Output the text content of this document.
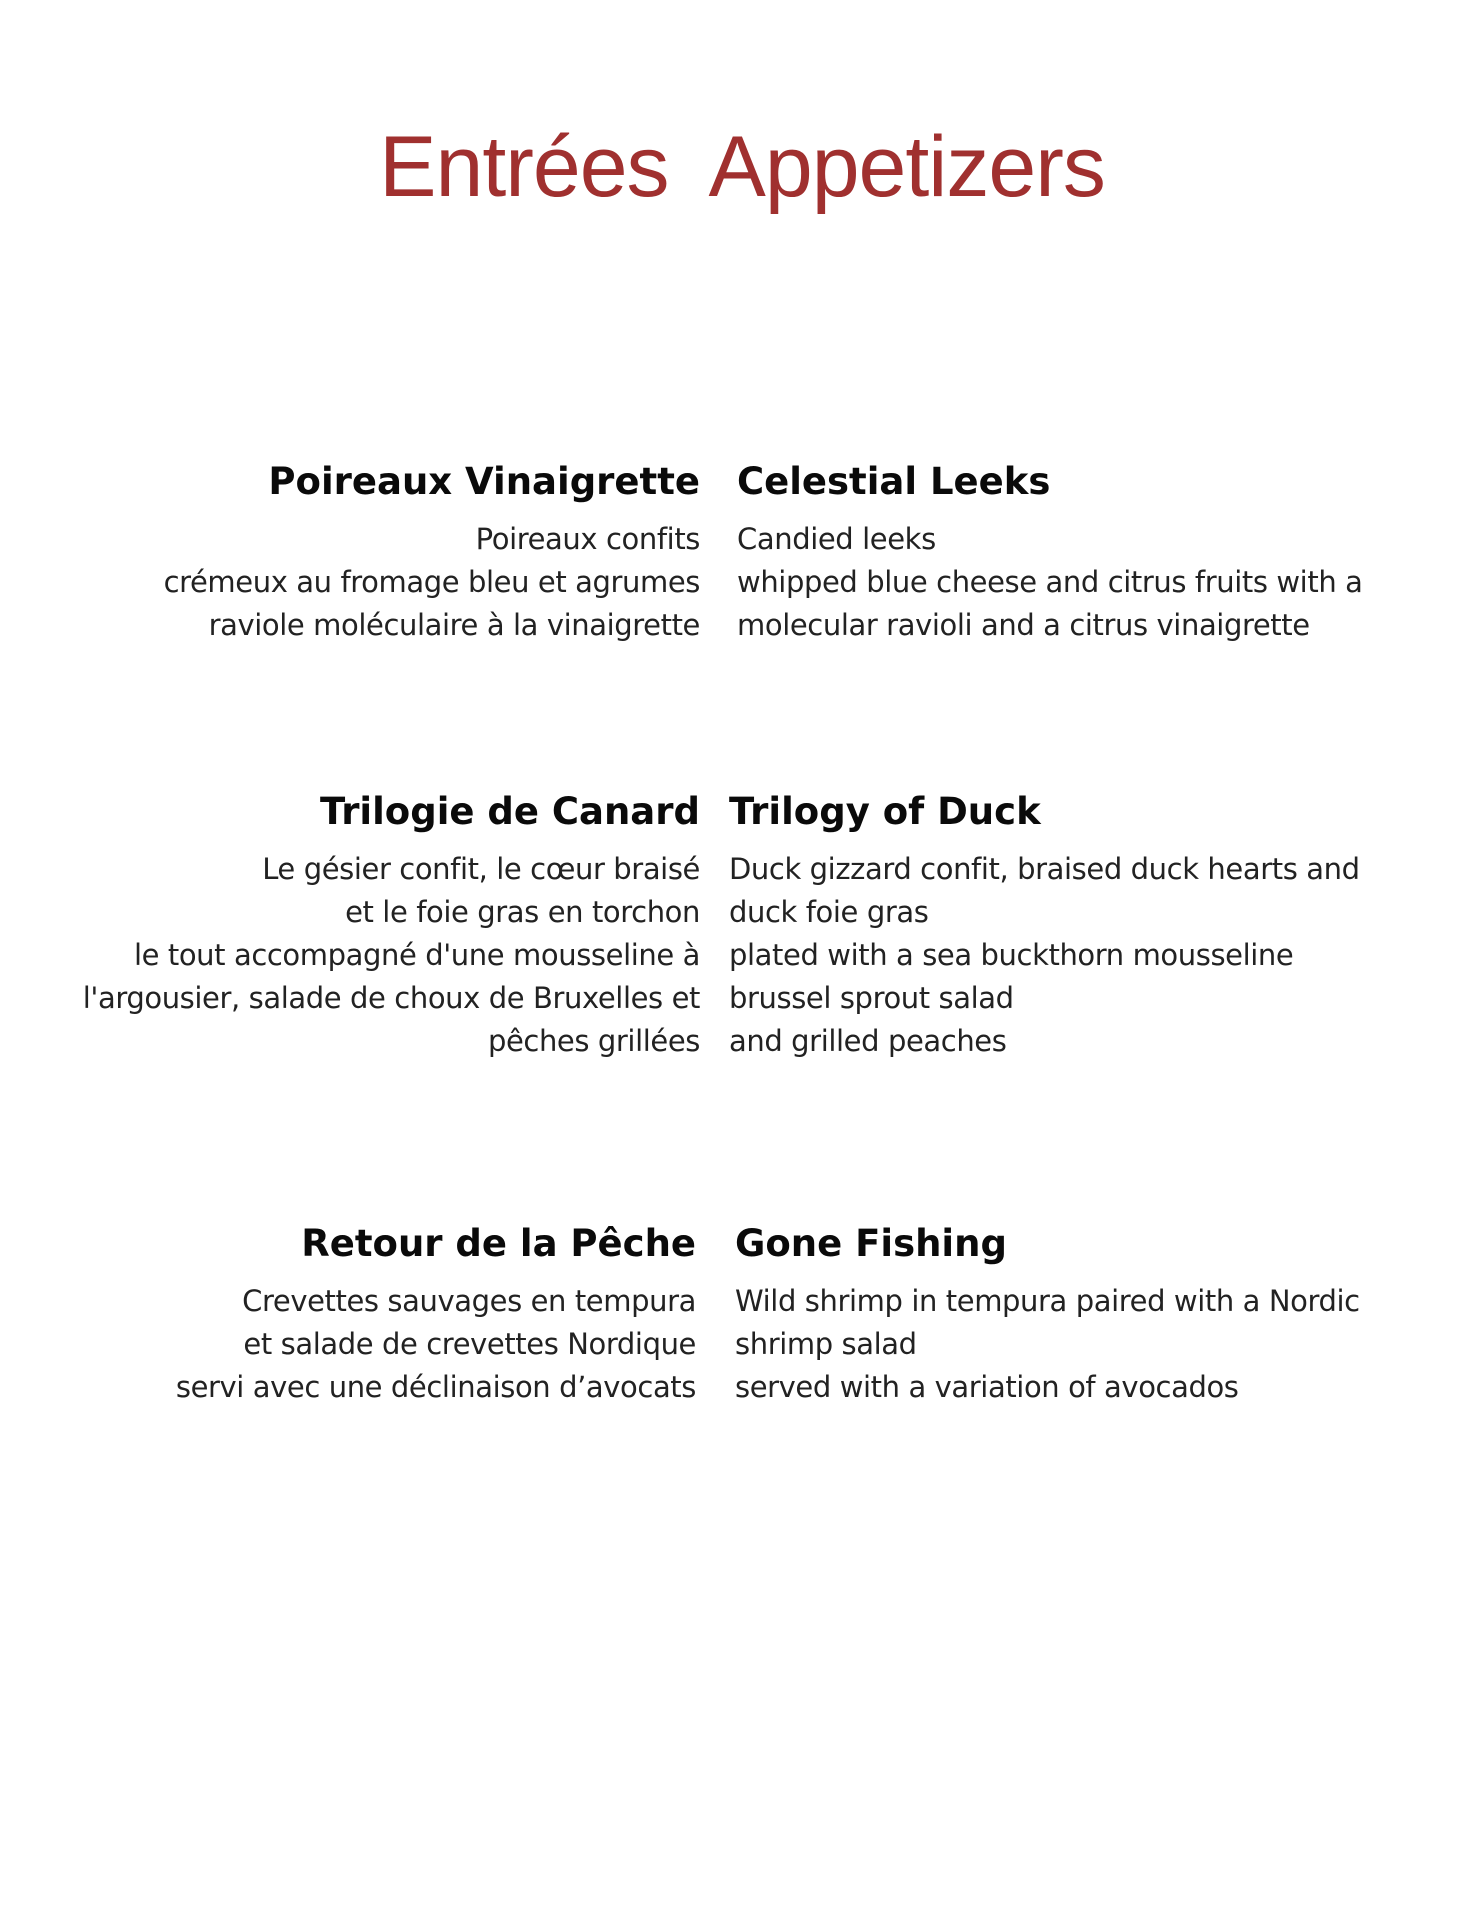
Entrées Appetizers
Poireaux Vinaigrette
Poireaux confits
crémeux au fromage bleu et agrumes
raviole moléculaire à la vinaigrette
Celestial Leeks
Candied leeks
whipped blue cheese and citrus fruits with a
molecular ravioli and a citrus vinaigrette
Trilogie de Canard
Le gésier confit, le cœur braisé
et le foie gras en torchon
le tout accompagné d'une mousseline à
l'argousier, salade de choux de Bruxelles et
pêches grillées
Trilogy of Duck
Duck gizzard confit, braised duck hearts and
duck foie gras
plated with a sea buckthorn mousseline
brussel sprout salad
and grilled peaches
Retour de la Pêche
Crevettes sauvages en tempura
et salade de crevettes Nordique
servi avec une déclinaison d’avocats
Gone Fishing
Wild shrimp in tempura paired with a Nordic
shrimp salad
served with a variation of avocados
